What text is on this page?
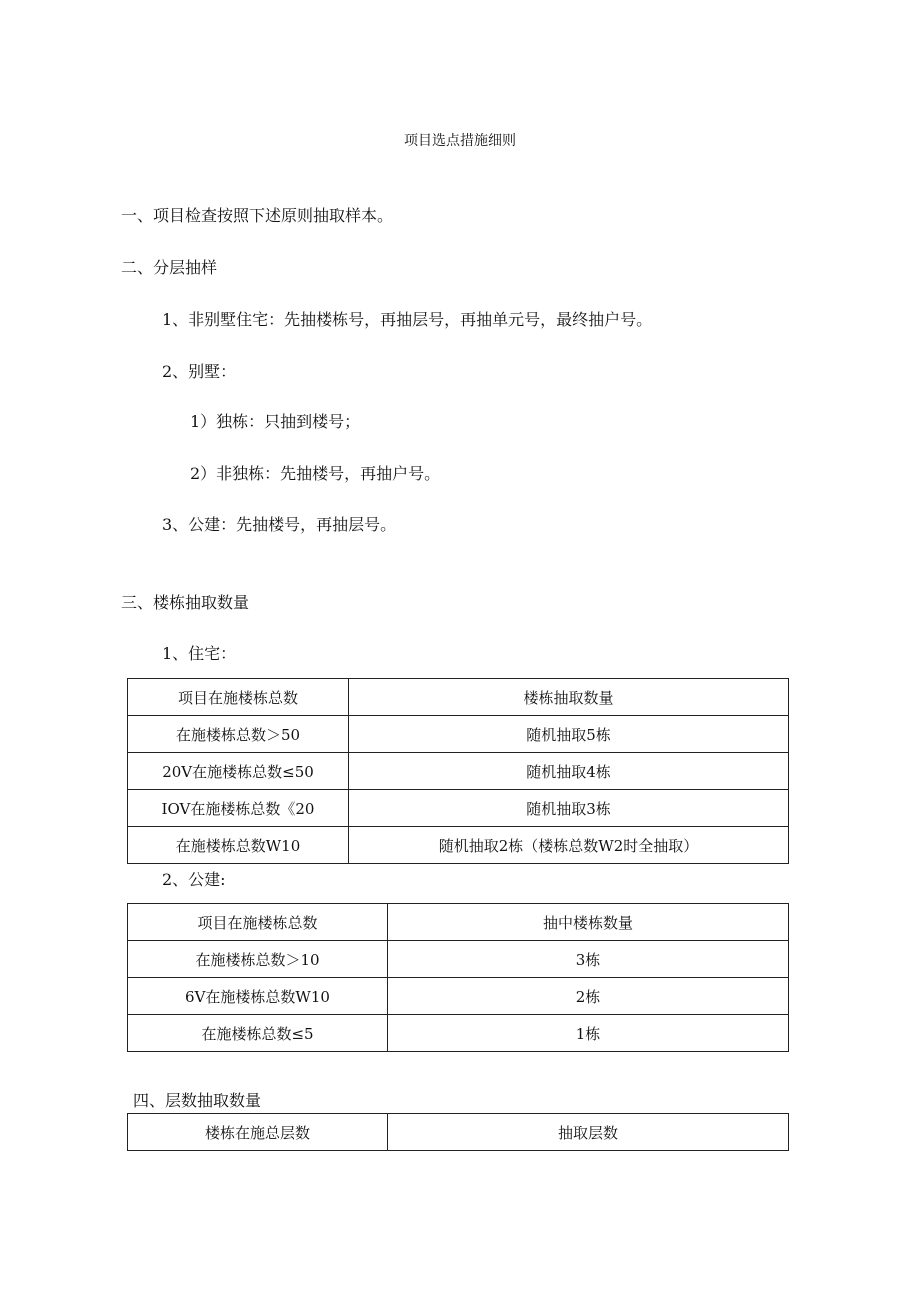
项目选点措施细则
一、项目检查按照下述原则抽取样本。
二、分层抽样
1、非别墅住宅：先抽楼栋号，再抽层号，再抽单元号，最终抽户号。
2、别墅：
1）独栋：只抽到楼号；
2）非独栋：先抽楼号，再抽户号。
3、公建：先抽楼号，再抽层号。
三、楼栋抽取数量
1、住宅：
项目在施楼栋总数	楼栋抽取数量
在施楼栋总数＞50	随机抽取5栋
20V在施楼栋总数≤50	随机抽取4栋
IOV在施楼栋总数《20	随机抽取3栋
在施楼栋总数W10	随机抽取2栋（楼栋总数W2时全抽取）
2、公建:
项目在施楼栋总数	抽中楼栋数量
在施楼栋总数＞10	3栋
6V在施楼栋总数W10	2栋
在施楼栋总数≤5	1栋
四、层数抽取数量
楼栋在施总层数	抽取层数
